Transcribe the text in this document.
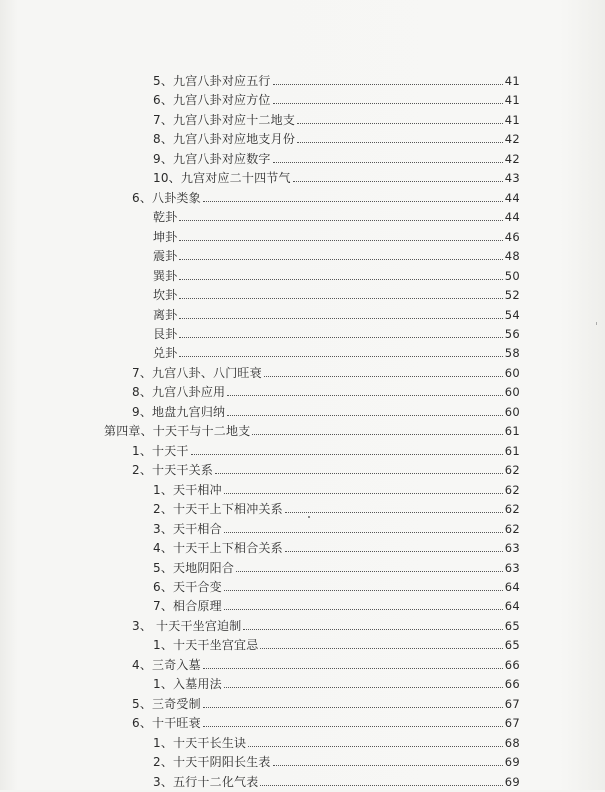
5、九宫八卦对应五行	41
6、九宫八卦对应方位	41
7、九宫八卦对应十二地支	41
8、九宫八卦对应地支月份	42
9、九宫八卦对应数字	42
10、九宫对应二十四节气	43
6、八卦类象	44
乾卦	44
坤卦	46
震卦	48
巽卦	50
坎卦	52
离卦	54
艮卦	56
兑卦	58
7、九宫八卦、八门旺衰	60
8、九宫八卦应用	60
9、地盘九宫归纳	60
第四章、十天干与十二地支	61
1、十天干	61
2、十天干关系	62
1、天干相冲	62
2、十天干上下相冲关系	62
3、天干相合	62
4、十天干上下相合关系	63
5、天地阴阳合	63
6、天干合变	64
7、相合原理	64
3、 十天干坐宫迫制	65
1、十天干坐宫宜忌	65
4、三奇入墓	66
1、入墓用法	66
5、三奇受制	67
6、十干旺衰	67
1、十天干长生诀	68
2、十天干阴阳长生表	69
3、五行十二化气表	69
